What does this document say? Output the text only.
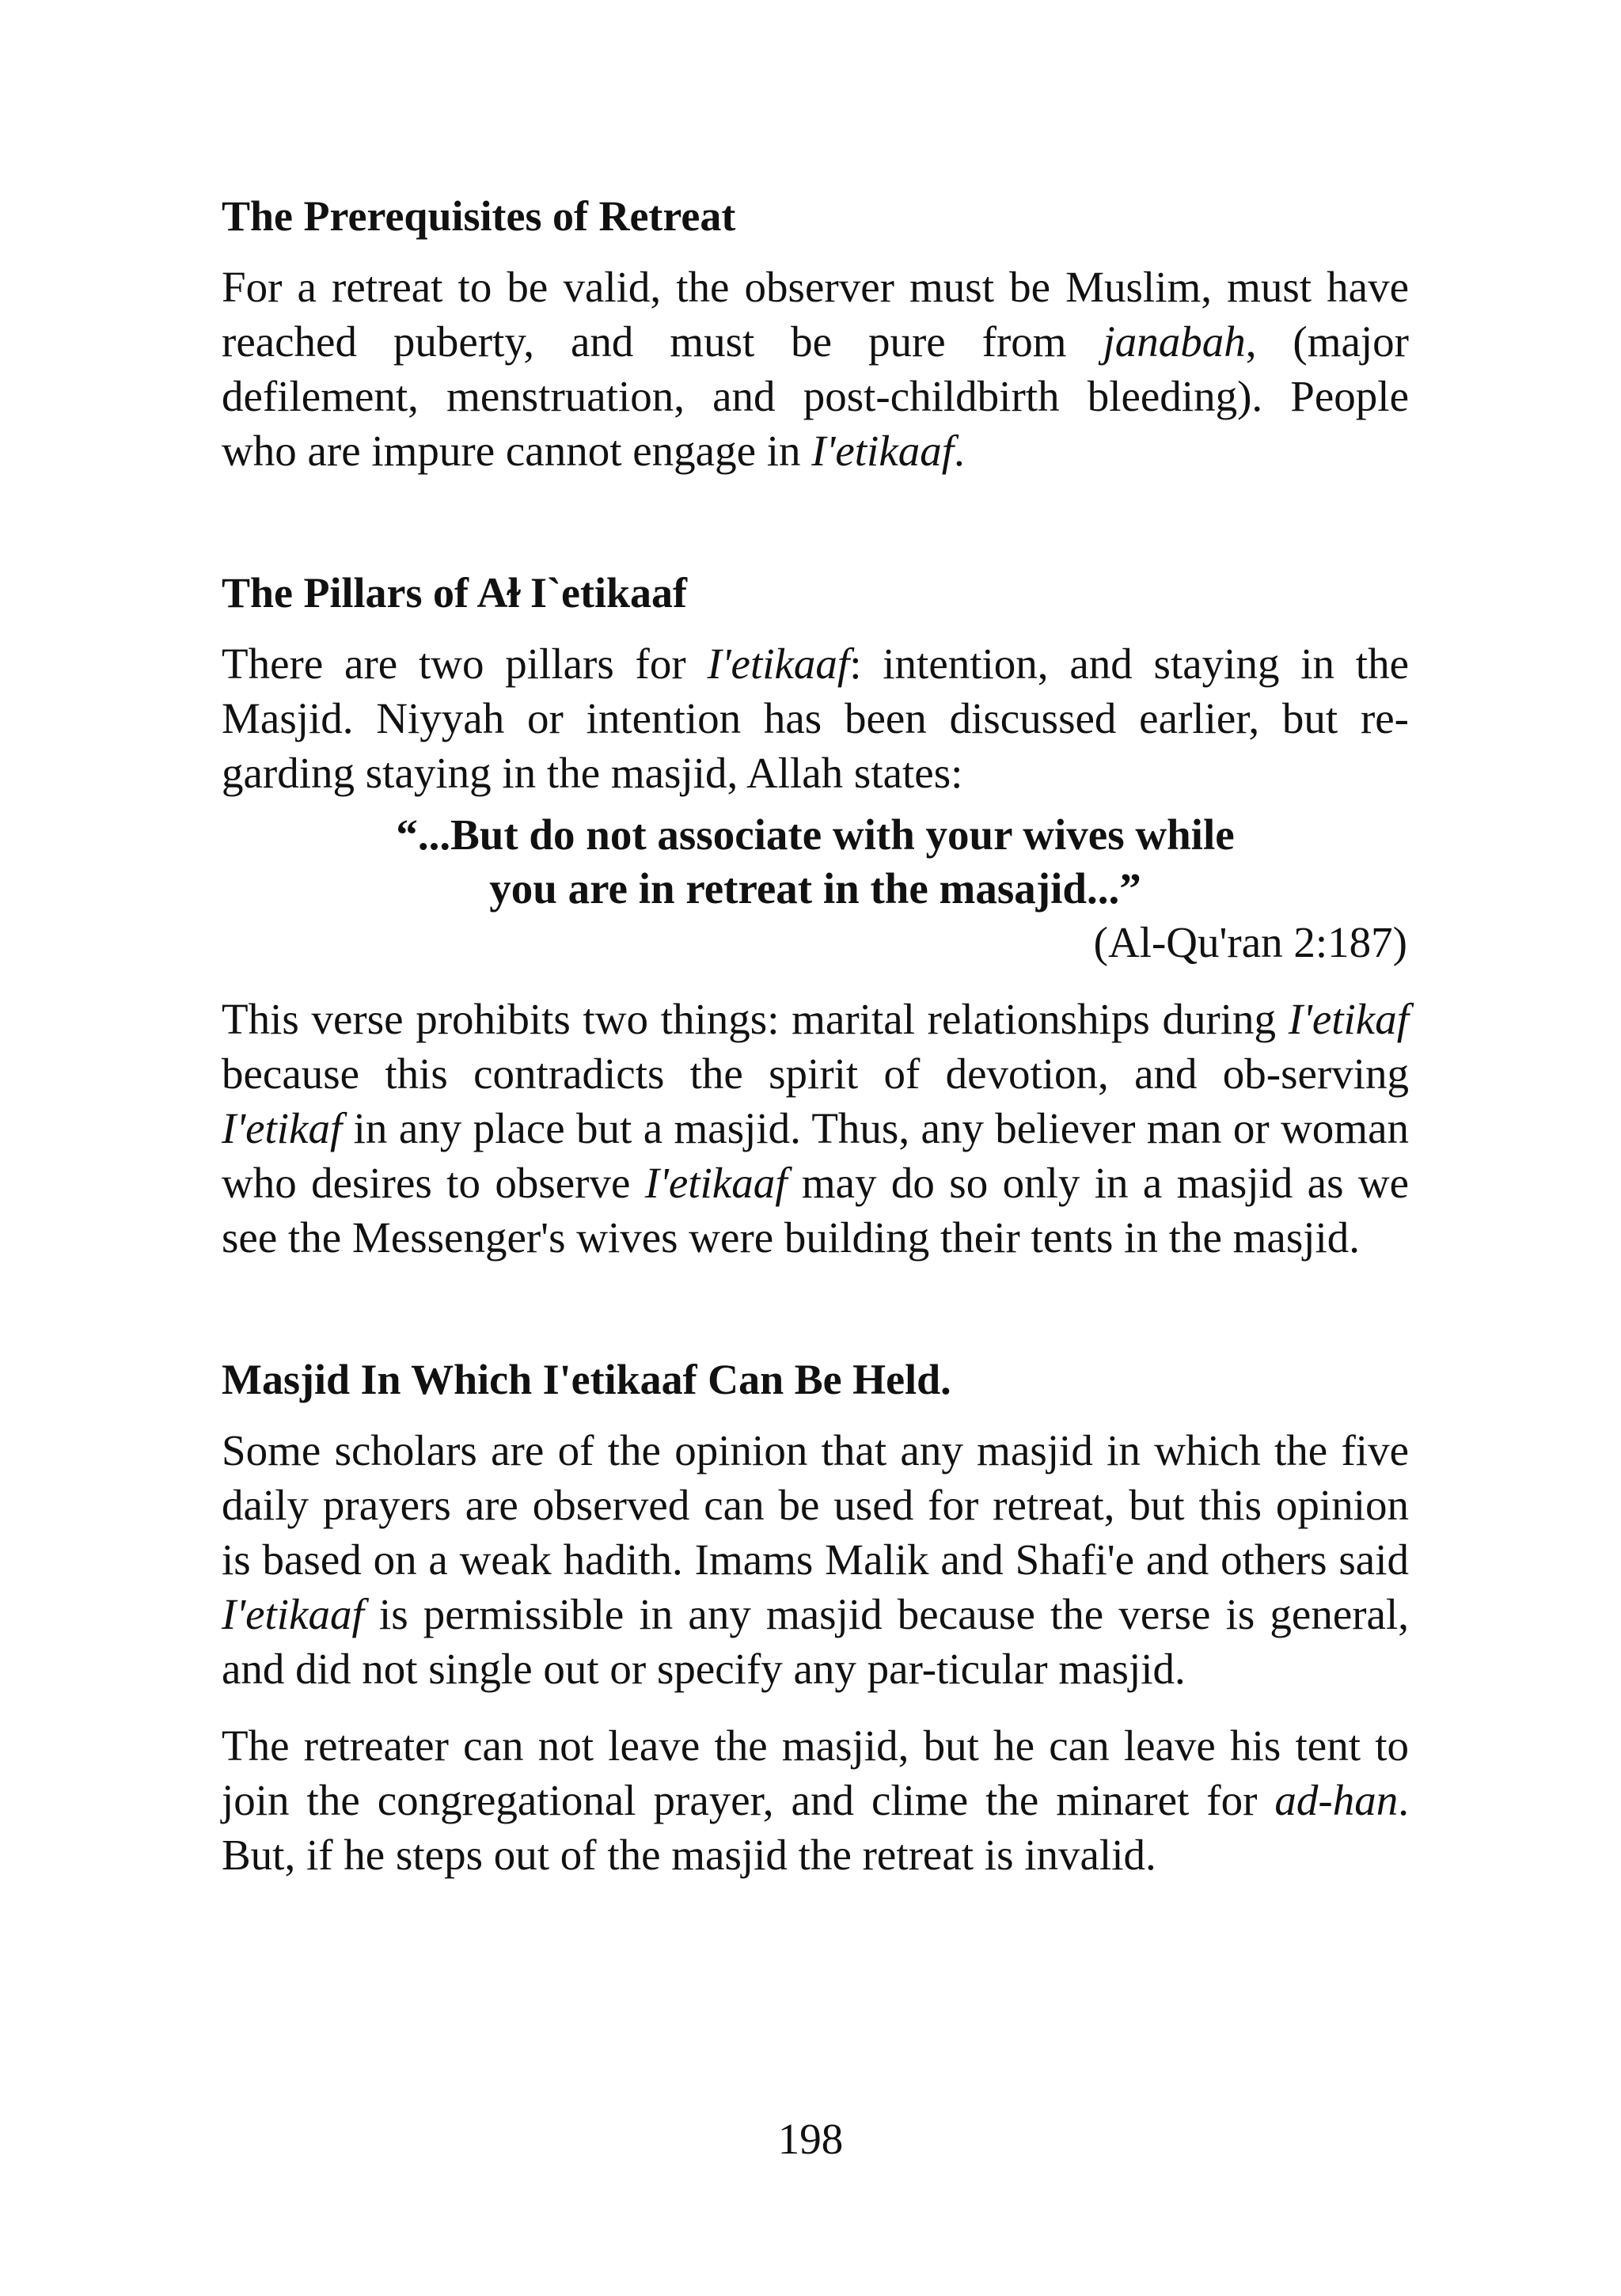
The Prerequisites of Retreat

For a retreat to be valid, the observer must be Muslim, must have reached puberty, and must be pure from janabah, (major defilement, menstruation, and post-childbirth bleeding). People who are impure cannot engage in I'etikaaf.

The Pillars of Aɫ I`etikaaf

There are two pillars for I'etikaaf: intention, and staying in the Masjid. Niyyah or intention has been discussed earlier, but re-garding staying in the masjid, Allah states:

“...But do not associate with your wives while
you are in retreat in the masajid...”
(Al-Qu'ran 2:187)

This verse prohibits two things: marital relationships during I'etikaf because this contradicts the spirit of devotion, and ob-serving I'etikaf in any place but a masjid. Thus, any believer man or woman who desires to observe I'etikaaf may do so only in a masjid as we see the Messenger's wives were building their tents in the masjid.

Masjid In Which I'etikaaf Can Be Held.

Some scholars are of the opinion that any masjid in which the five daily prayers are observed can be used for retreat, but this opinion is based on a weak hadith. Imams Malik and Shafi'e and others said I'etikaaf is permissible in any masjid because the verse is general, and did not single out or specify any par-ticular masjid.

The retreater can not leave the masjid, but he can leave his tent to join the congregational prayer, and clime the minaret for ad-han. But, if he steps out of the masjid the retreat is invalid.

198
